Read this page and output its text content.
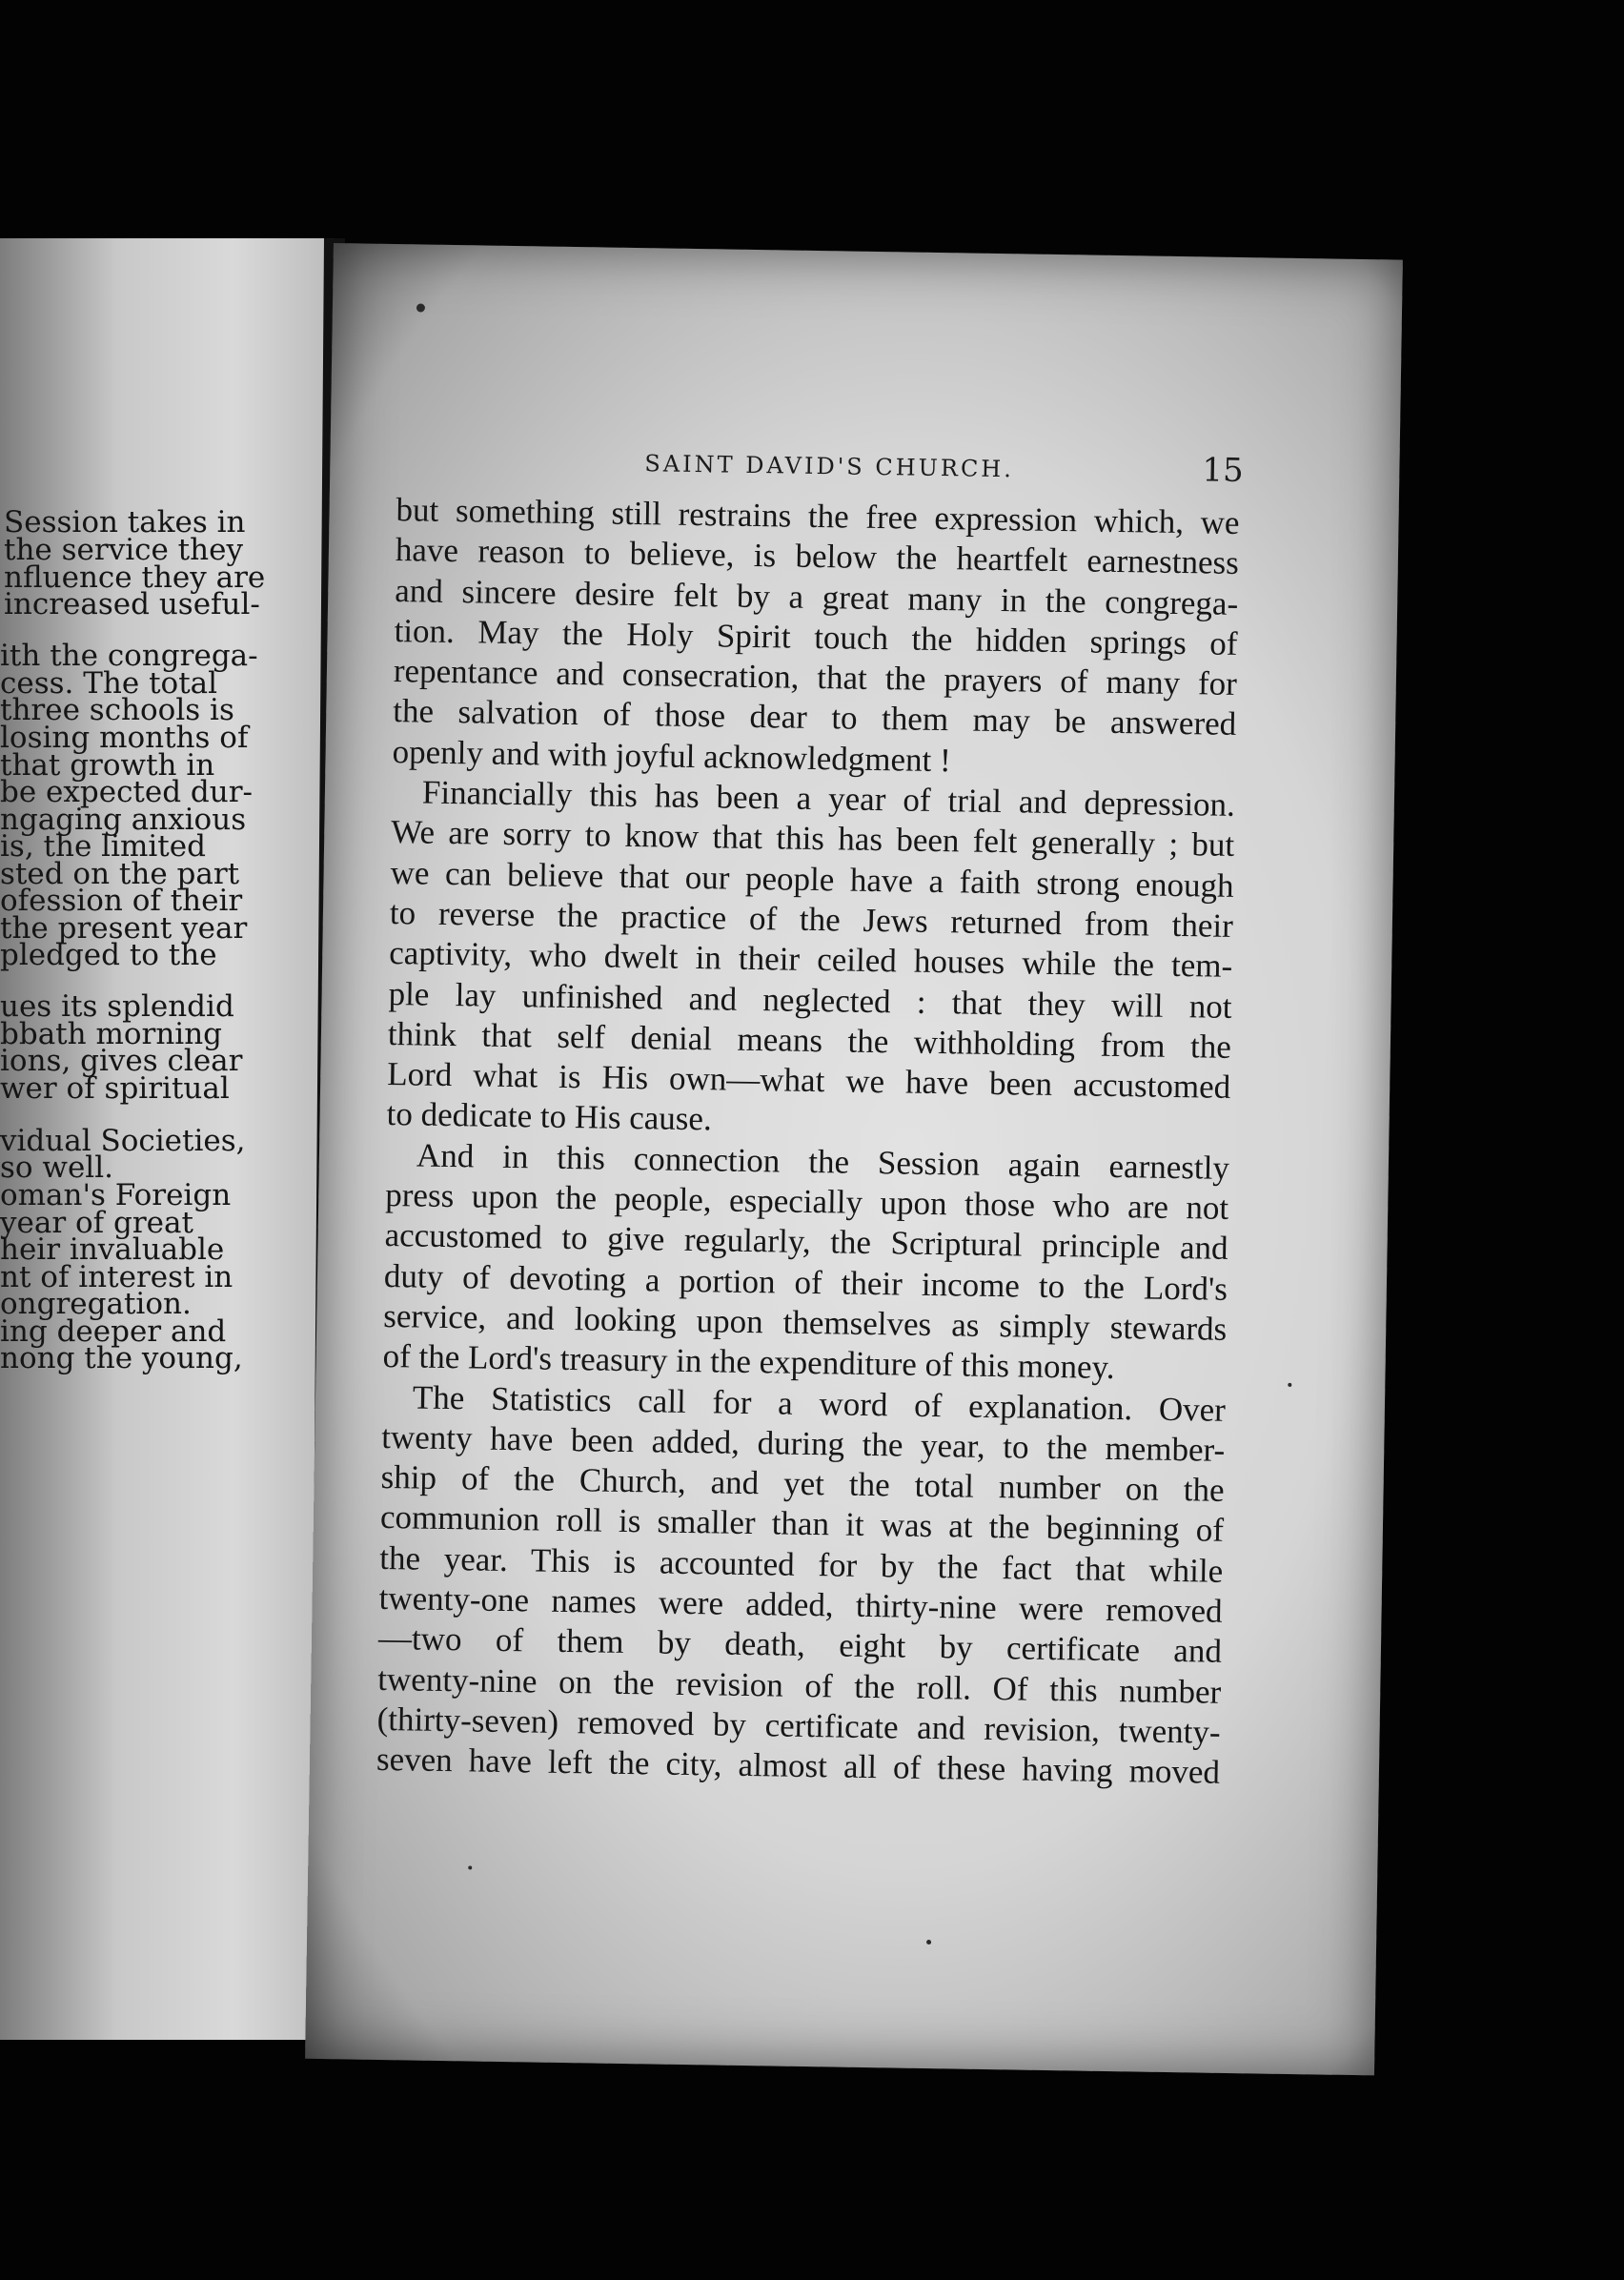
Session takes in
the service they
nfluence they are
increased useful-
ith the congrega-
cess. The total
three schools is
losing months of
that growth in
be expected dur-
ngaging anxious
is, the limited
sted on the part
ofession of their
the present year
pledged to the
ues its splendid
bbath morning
ions, gives clear
wer of spiritual
vidual Societies,
so well.
oman's Foreign
year of great
heir invaluable
nt of interest in
ongregation.
ing deeper and
nong the young,
SAINT DAVID'S CHURCH.	15
but something still restrains the free expression which, we
have reason to believe, is below the heartfelt earnestness
and sincere desire felt by a great many in the congrega-
tion. May the Holy Spirit touch the hidden springs of
repentance and consecration, that the prayers of many for
the salvation of those dear to them may be answered
openly and with joyful acknowledgment !
Financially this has been a year of trial and depression.
We are sorry to know that this has been felt generally ; but
we can believe that our people have a faith strong enough
to reverse the practice of the Jews returned from their
captivity, who dwelt in their ceiled houses while the tem-
ple lay unfinished and neglected : that they will not
think that self denial means the withholding from the
Lord what is His own—what we have been accustomed
to dedicate to His cause.
And in this connection the Session again earnestly
press upon the people, especially upon those who are not
accustomed to give regularly, the Scriptural principle and
duty of devoting a portion of their income to the Lord's
service, and looking upon themselves as simply stewards
of the Lord's treasury in the expenditure of this money.
The Statistics call for a word of explanation. Over
twenty have been added, during the year, to the member-
ship of the Church, and yet the total number on the
communion roll is smaller than it was at the beginning of
the year. This is accounted for by the fact that while
twenty-one names were added, thirty-nine were removed
—two of them by death, eight by certificate and
twenty-nine on the revision of the roll. Of this number
(thirty-seven) removed by certificate and revision, twenty-
seven have left the city, almost all of these having moved
